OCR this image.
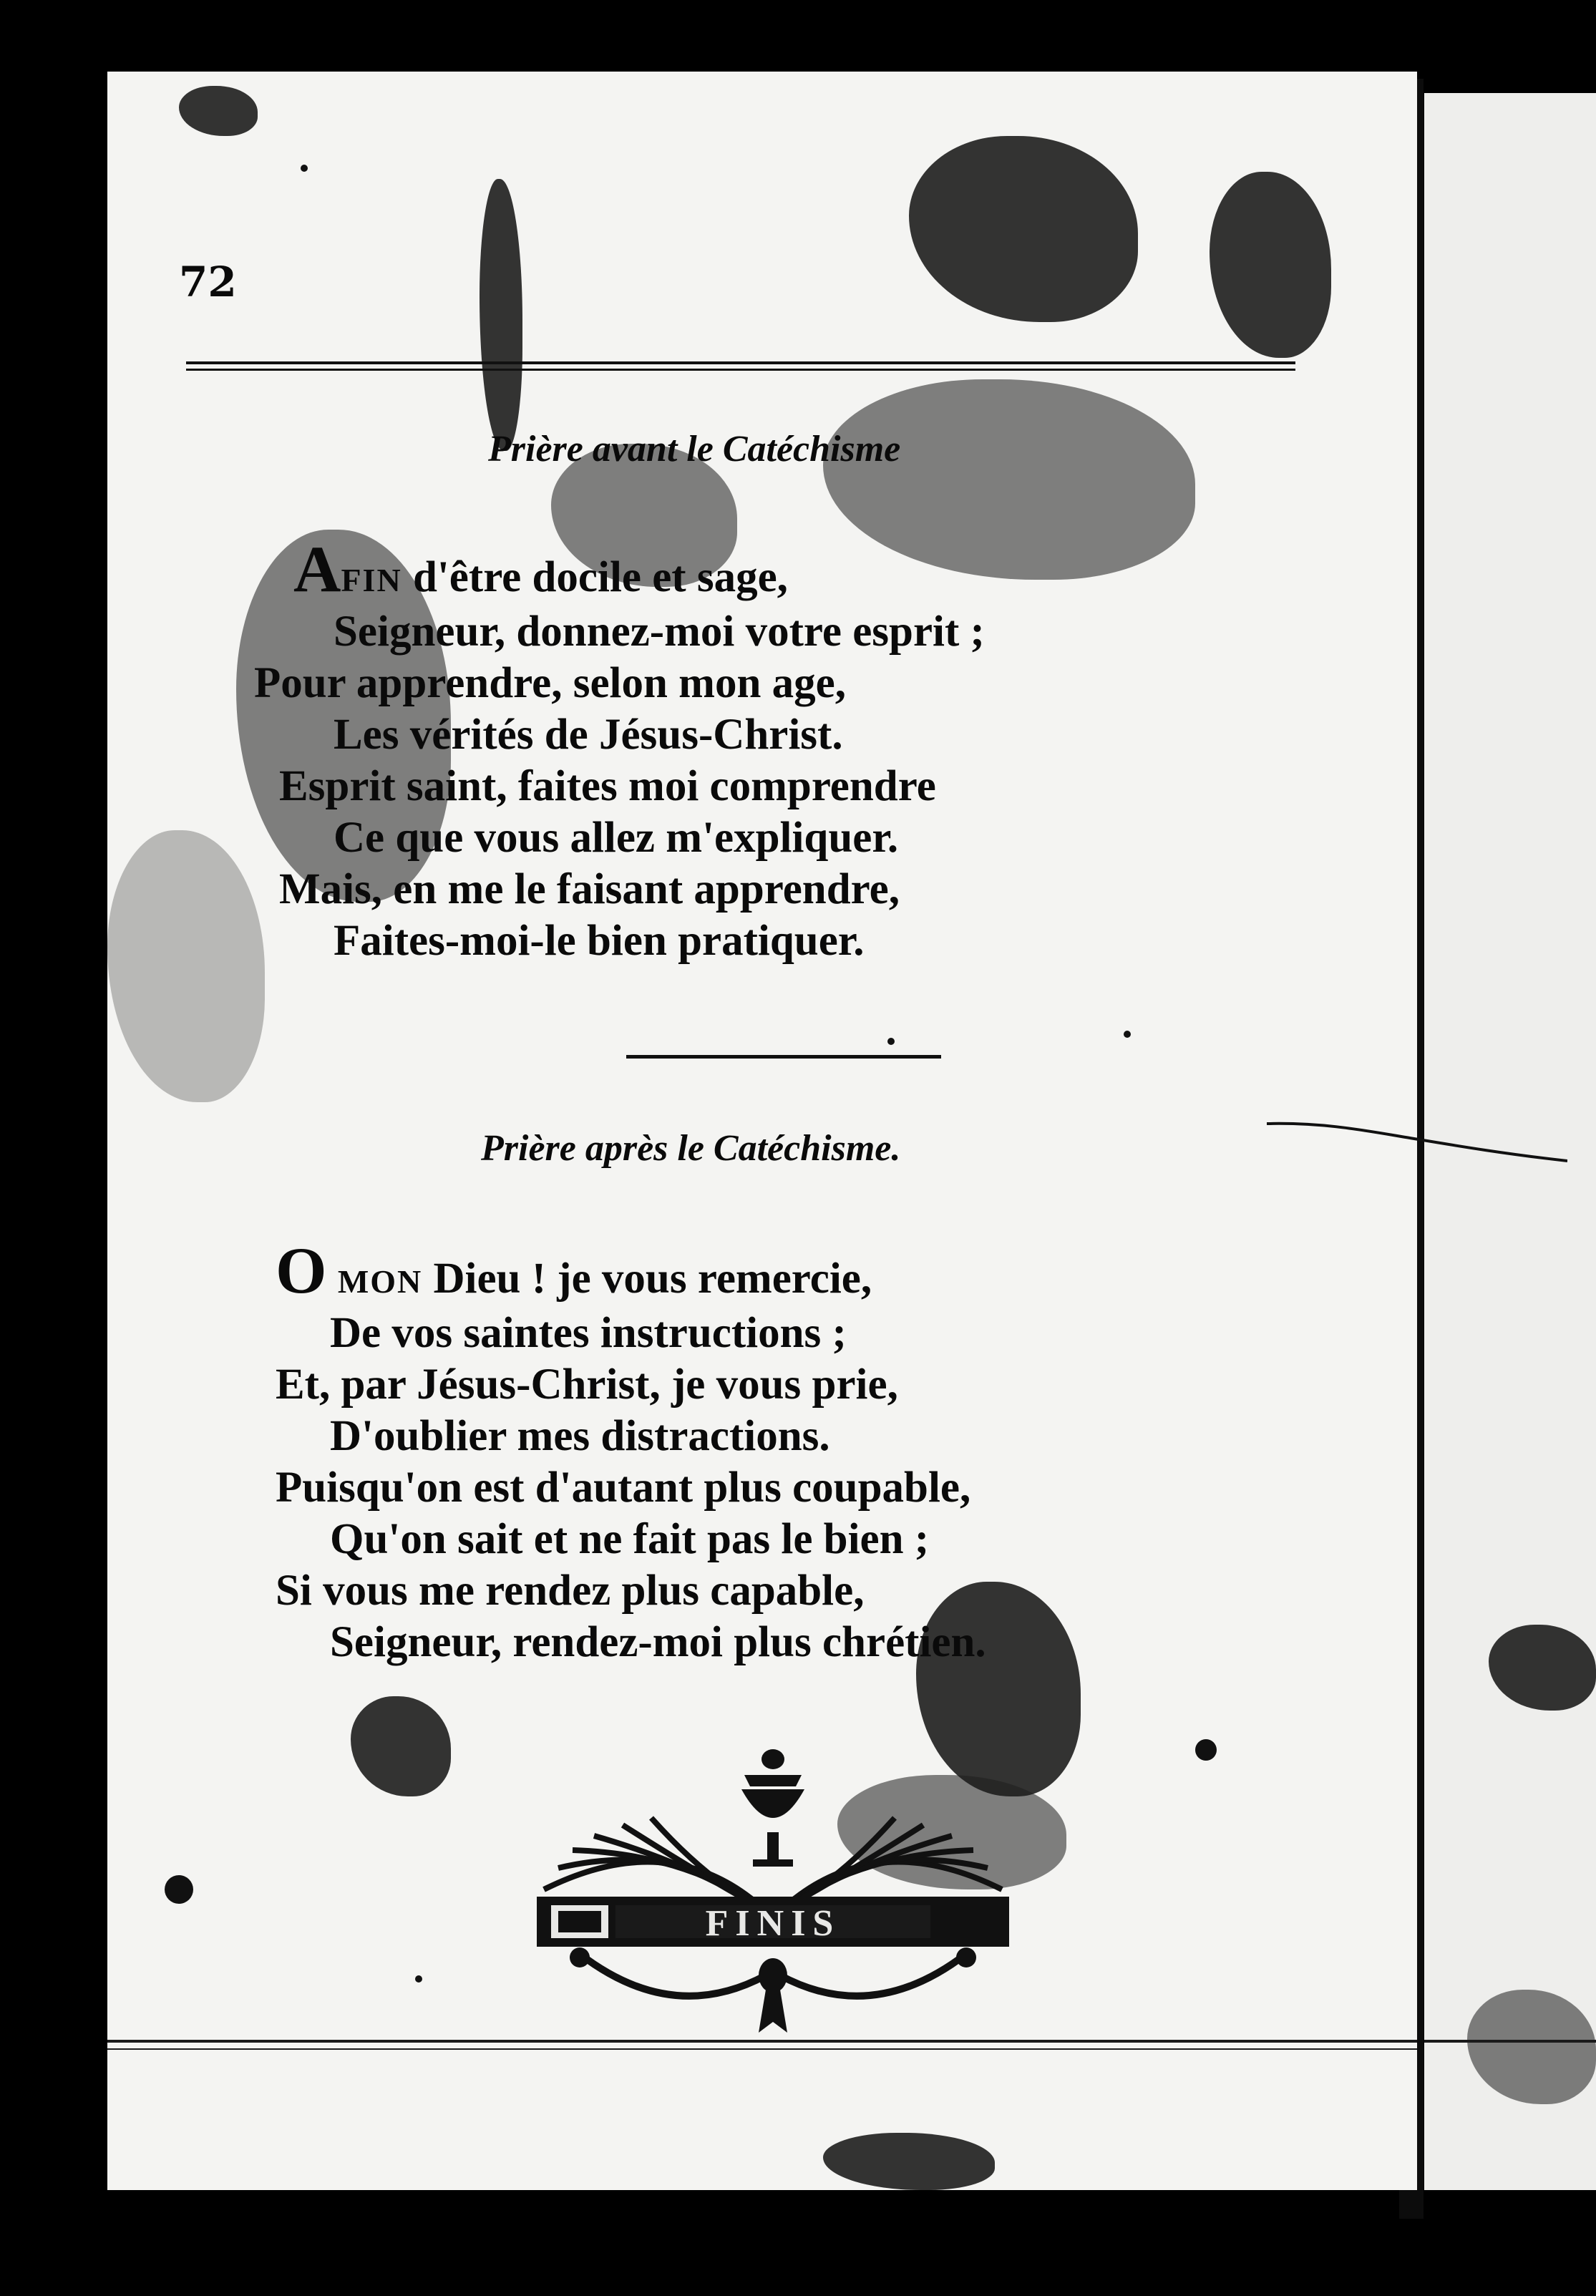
72
Prière avant le Catéchisme
AFIN d'être docile et sage,
Seigneur, donnez-moi votre esprit ;
Pour apprendre, selon mon age,
Les vérités de Jésus-Christ.
Esprit saint, faites moi comprendre
Ce que vous allez m'expliquer.
Mais, en me le faisant apprendre,
Faites-moi-le bien pratiquer.
Prière après le Catéchisme.
O MON Dieu ! je vous remercie,
De vos saintes instructions ;
Et, par Jésus-Christ, je vous prie,
D'oublier mes distractions.
Puisqu'on est d'autant plus coupable,
Qu'on sait et ne fait pas le bien ;
Si vous me rendez plus capable,
Seigneur, rendez-moi plus chrétien.
FINIS
